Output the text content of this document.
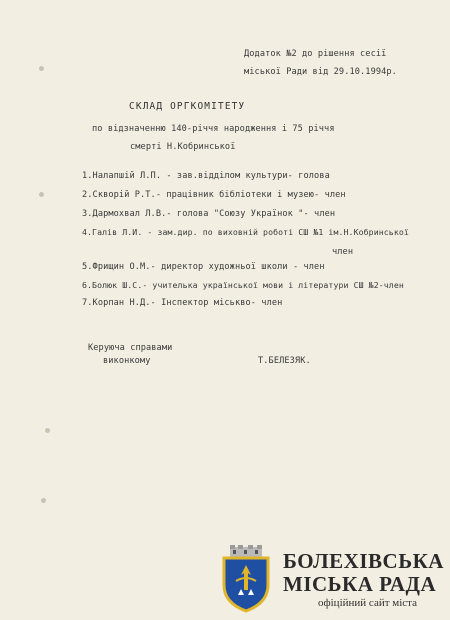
Додаток №2 до рішення сесії

міської Ради від 29.10.1994р.

СКЛАД ОРГКОМІТЕТУ

по відзначенню 140-річчя народження і 75 річчя

смерті Н.Кобринської

1.Налапшій Л.П. - зав.відділом культури- голова

2.Скворій Р.Т.- працівник бібліотеки і музею- член

3.Дармохвал Л.В.- голова "Союзу Українок "- член

4.Галів Л.И. - зам.дир. по виховній роботі СШ №1 ім.Н.Кобринської

член

5.Фрищин О.М.- директор художньої школи - член

6.Болюк Ш.С.- учителька української мови і літератури СШ №2-член

7.Корпан Н.Д.- Інспектор міськво- член

Керуюча справами

виконкому	Т.БЕЛЕЗЯК.

БОЛЕХІВСЬКА
МІСЬКА РАДА
офіційний сайт міста
